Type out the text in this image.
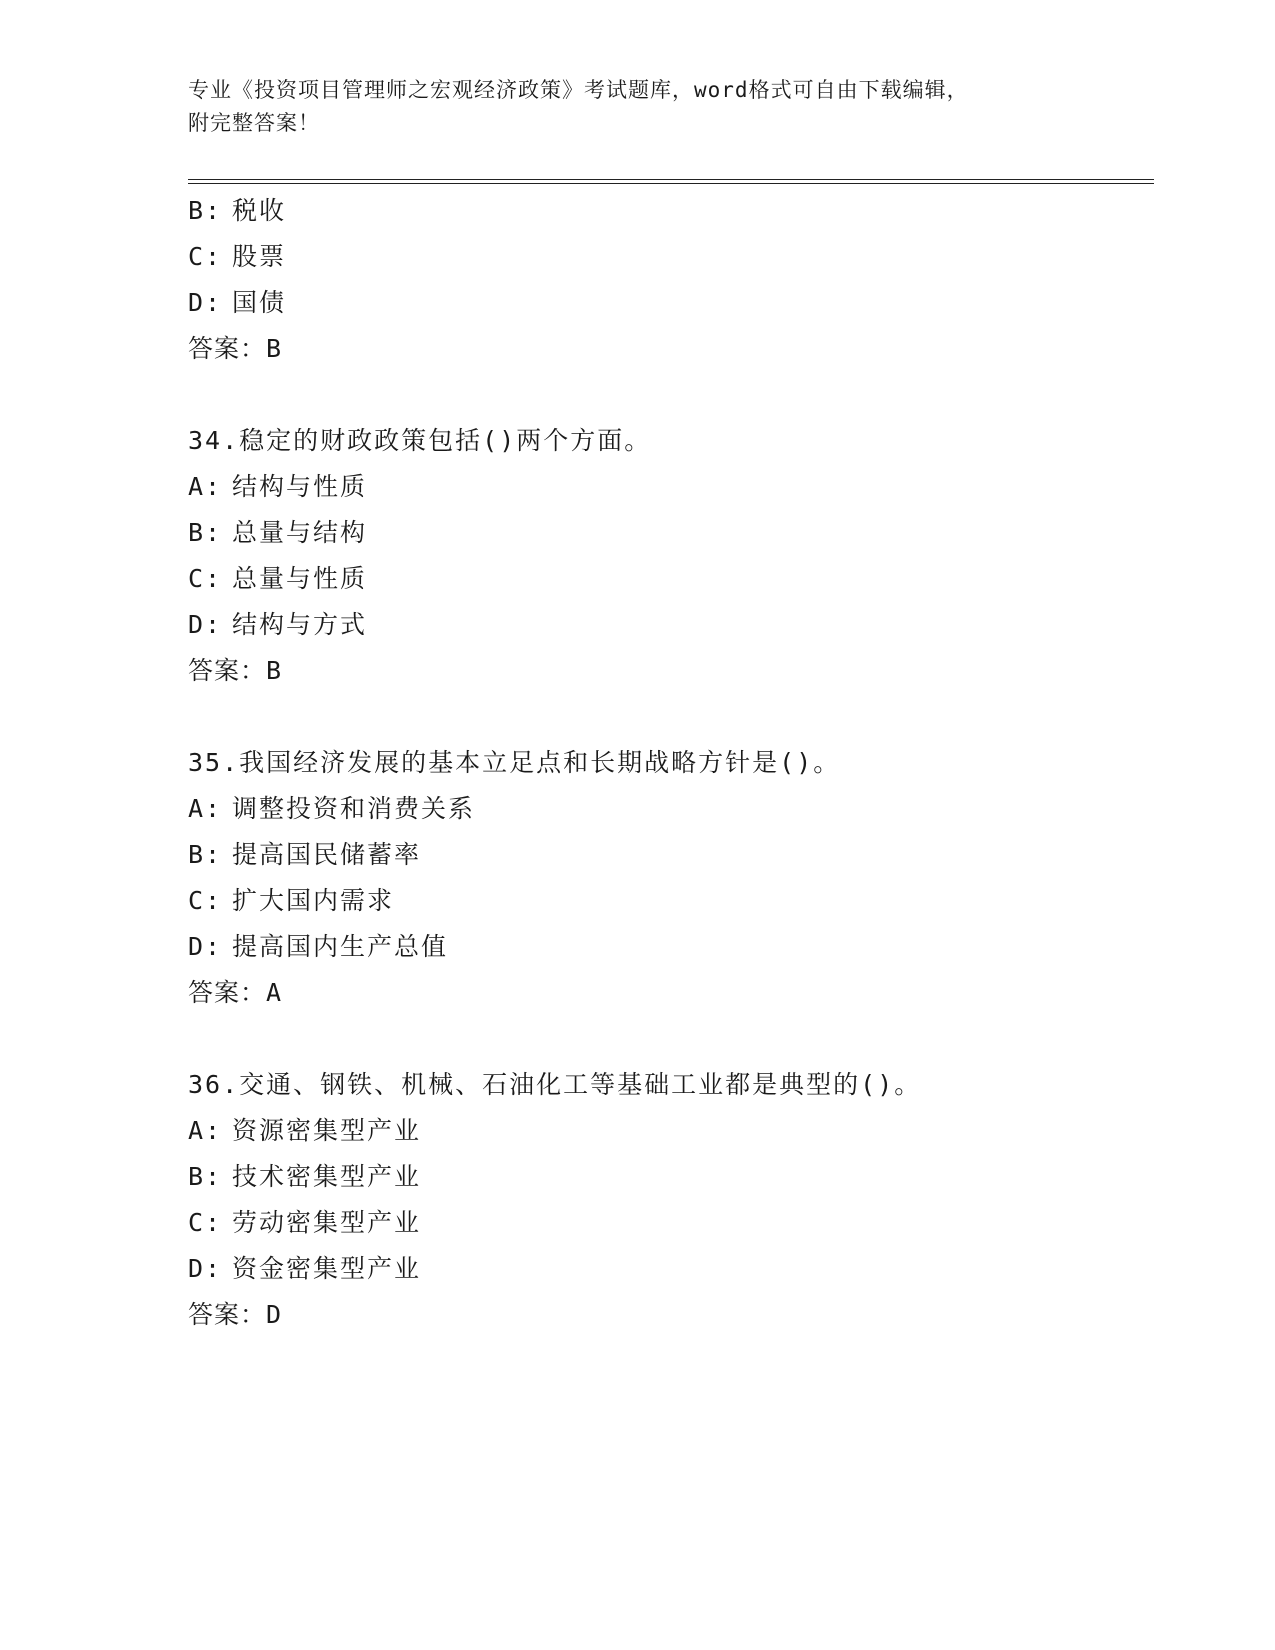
专业《投资项目管理师之宏观经济政策》考试题库，word格式可自由下载编辑，
附完整答案！
B: 税收
C: 股票
D: 国债
答案：B
34.稳定的财政政策包括()两个方面。
A: 结构与性质
B: 总量与结构
C: 总量与性质
D: 结构与方式
答案：B
35.我国经济发展的基本立足点和长期战略方针是()。
A: 调整投资和消费关系
B: 提高国民储蓄率
C: 扩大国内需求
D: 提高国内生产总值
答案：A
36.交通、钢铁、机械、石油化工等基础工业都是典型的()。
A: 资源密集型产业
B: 技术密集型产业
C: 劳动密集型产业
D: 资金密集型产业
答案：D
